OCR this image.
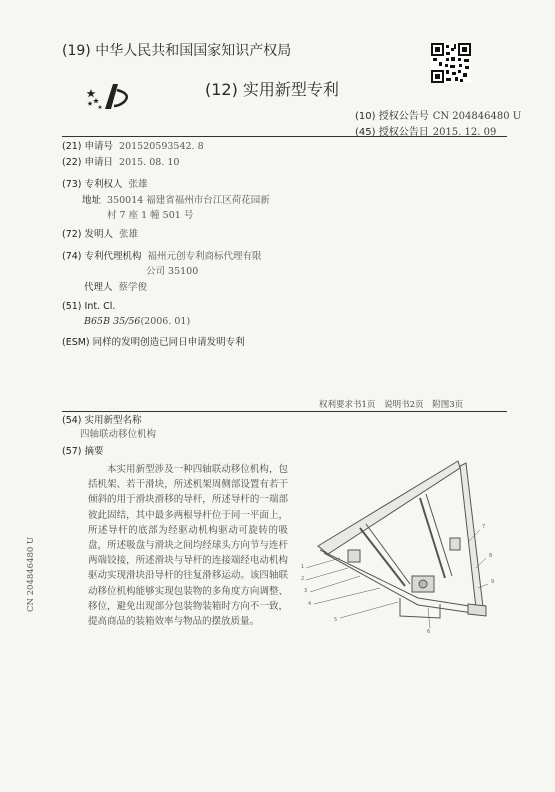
(19) 中华人民共和国国家知识产权局
(12) 实用新型专利
(10) 授权公告号 CN 204846480 U
(45) 授权公告日 2015. 12. 09
(21) 申请号 201520593542. 8
(22) 申请日 2015. 08. 10
(73) 专利权人 张雄
地址 350014 福建省福州市台江区荷花园新
村 7 座 1 幢 501 号
(72) 发明人 张雄
(74) 专利代理机构 福州元创专利商标代理有限
公司 35100
代理人 蔡学俊
(51) Int. Cl.
B65B 35/56(2006. 01)
(ESM) 同样的发明创造已同日申请发明专利
权利要求书1页 说明书2页 附图3页
(54) 实用新型名称
四轴联动移位机构
(57) 摘要
本实用新型涉及一种四轴联动移位机构，包括机架、若干滑块，所述机架周侧部设置有若干倾斜的用于滑块滑移的导杆，所述导杆的一端部彼此固结，其中最多两根导杆位于同一平面上，所述导杆的底部为经驱动机构驱动可旋转的吸盘，所述吸盘与滑块之间均经球头方向节与连杆两端铰接，所述滑块与导杆的连接端经电动机构驱动实现滑块沿导杆的往复滑移运动。该四轴联动移位机构能够实现包装物的多角度方向调整、移位，避免出现部分包装物装箱时方向不一致，提高商品的装箱效率与物品的摆放质量。
1
2
3
4
5
6
7
8
9
CN 204846480 U
